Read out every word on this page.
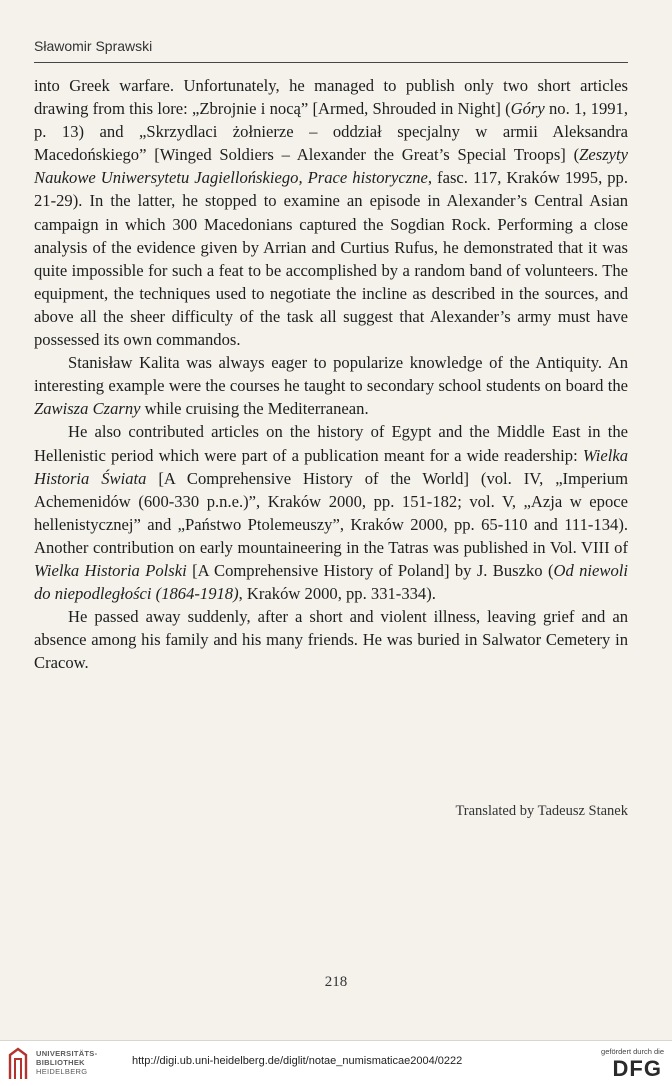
Sławomir Sprawski

into Greek warfare. Unfortunately, he managed to publish only two short articles drawing from this lore: „Zbrojnie i nocą” [Armed, Shrouded in Night] (Góry no. 1, 1991, p. 13) and „Skrzydlaci żołnierze – oddział specjalny w armii Aleksandra Macedońskiego” [Winged Soldiers – Alexander the Great’s Special Troops] (Zeszyty Naukowe Uniwersytetu Jagiellońskiego, Prace historyczne, fasc. 117, Kraków 1995, pp. 21-29). In the latter, he stopped to examine an episode in Alexander’s Central Asian campaign in which 300 Macedonians captured the Sogdian Rock. Performing a close analysis of the evidence given by Arrian and Curtius Rufus, he demonstrated that it was quite impossible for such a feat to be accomplished by a random band of volunteers. The equipment, the techniques used to negotiate the incline as described in the sources, and above all the sheer difficulty of the task all suggest that Alexander’s army must have possessed its own commandos.

Stanisław Kalita was always eager to popularize knowledge of the Antiquity. An interesting example were the courses he taught to secondary school students on board the Zawisza Czarny while cruising the Mediterranean.

He also contributed articles on the history of Egypt and the Middle East in the Hellenistic period which were part of a publication meant for a wide readership: Wielka Historia Świata [A Comprehensive History of the World] (vol. IV, „Imperium Achemenidów (600-330 p.n.e.)”, Kraków 2000, pp. 151-182; vol. V, „Azja w epoce hellenistycznej” and „Państwo Ptolemeuszy”, Kraków 2000, pp. 65-110 and 111-134). Another contribution on early mountaineering in the Tatras was published in Vol. VIII of Wielka Historia Polski [A Comprehensive History of Poland] by J. Buszko (Od niewoli do niepodległości (1864-1918), Kraków 2000, pp. 331-334).

He passed away suddenly, after a short and violent illness, leaving grief and an absence among his family and his many friends. He was buried in Salwator Cemetery in Cracow.

Translated by Tadeusz Stanek
218
UNIVERSITÄTS-
BIBLIOTHEK
HEIDELBERG
http://digi.ub.uni-heidelberg.de/diglit/notae_numismaticae2004/0222
gefördert durch die
DFG
